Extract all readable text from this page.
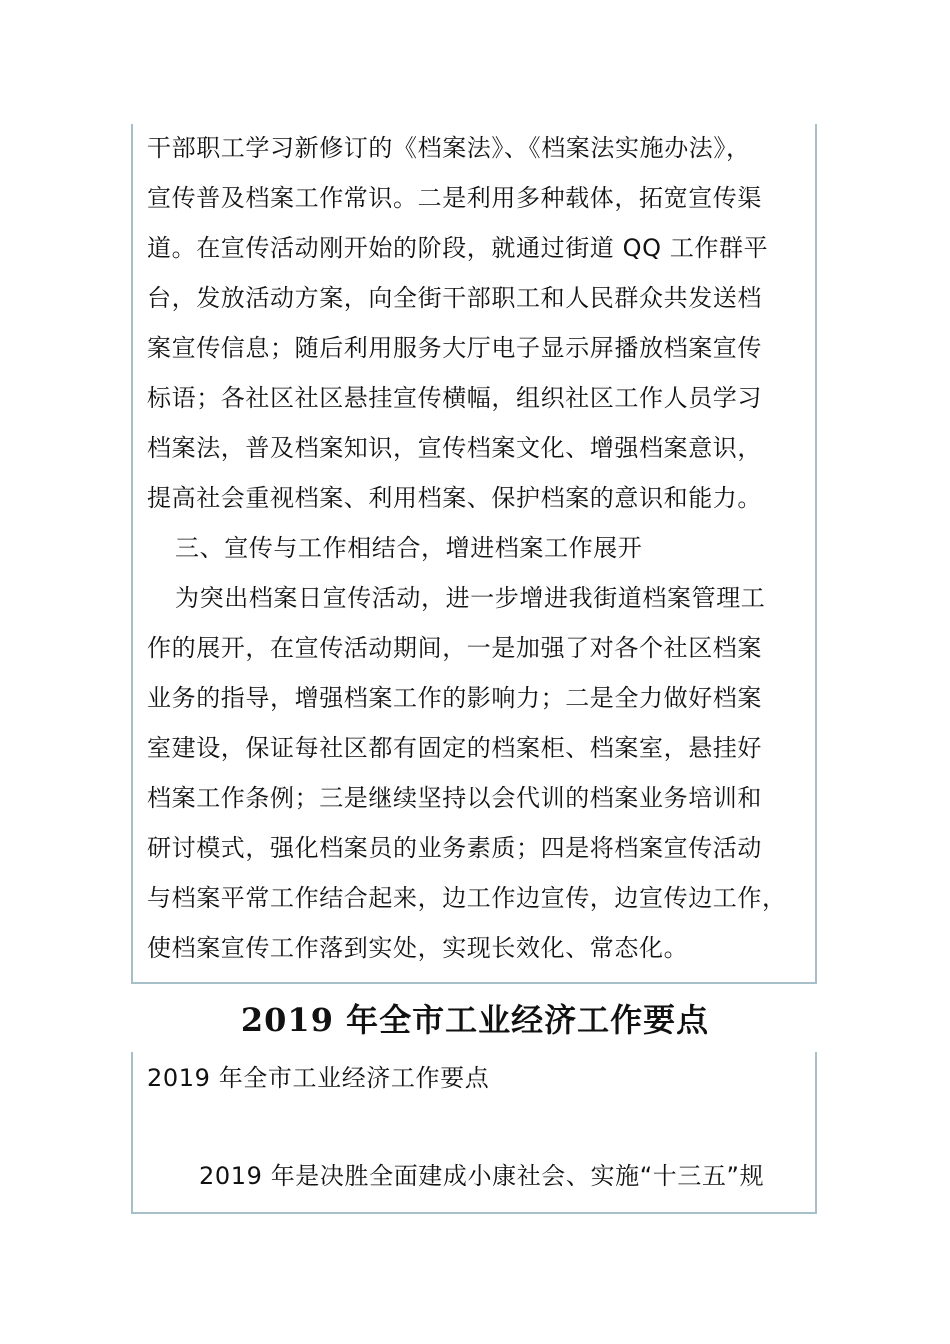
干部职工学习新修订的《档案法》、《档案法实施办法》，
宣传普及档案工作常识。二是利用多种载体，拓宽宣传渠
道。在宣传活动刚开始的阶段，就通过街道 QQ 工作群平
台，发放活动方案，向全街干部职工和人民群众共发送档
案宣传信息；随后利用服务大厅电子显示屏播放档案宣传
标语；各社区社区悬挂宣传横幅，组织社区工作人员学习
档案法，普及档案知识，宣传档案文化、增强档案意识，
提高社会重视档案、利用档案、保护档案的意识和能力。
三、宣传与工作相结合，增进档案工作展开
为突出档案日宣传活动，进一步增进我街道档案管理工
作的展开，在宣传活动期间，一是加强了对各个社区档案
业务的指导，增强档案工作的影响力；二是全力做好档案
室建设，保证每社区都有固定的档案柜、档案室，悬挂好
档案工作条例；三是继续坚持以会代训的档案业务培训和
研讨模式，强化档案员的业务素质；四是将档案宣传活动
与档案平常工作结合起来，边工作边宣传，边宣传边工作，
使档案宣传工作落到实处，实现长效化、常态化。
2019 年全市工业经济工作要点
2019 年全市工业经济工作要点
2019 年是决胜全面建成小康社会、实施“十三五”规
